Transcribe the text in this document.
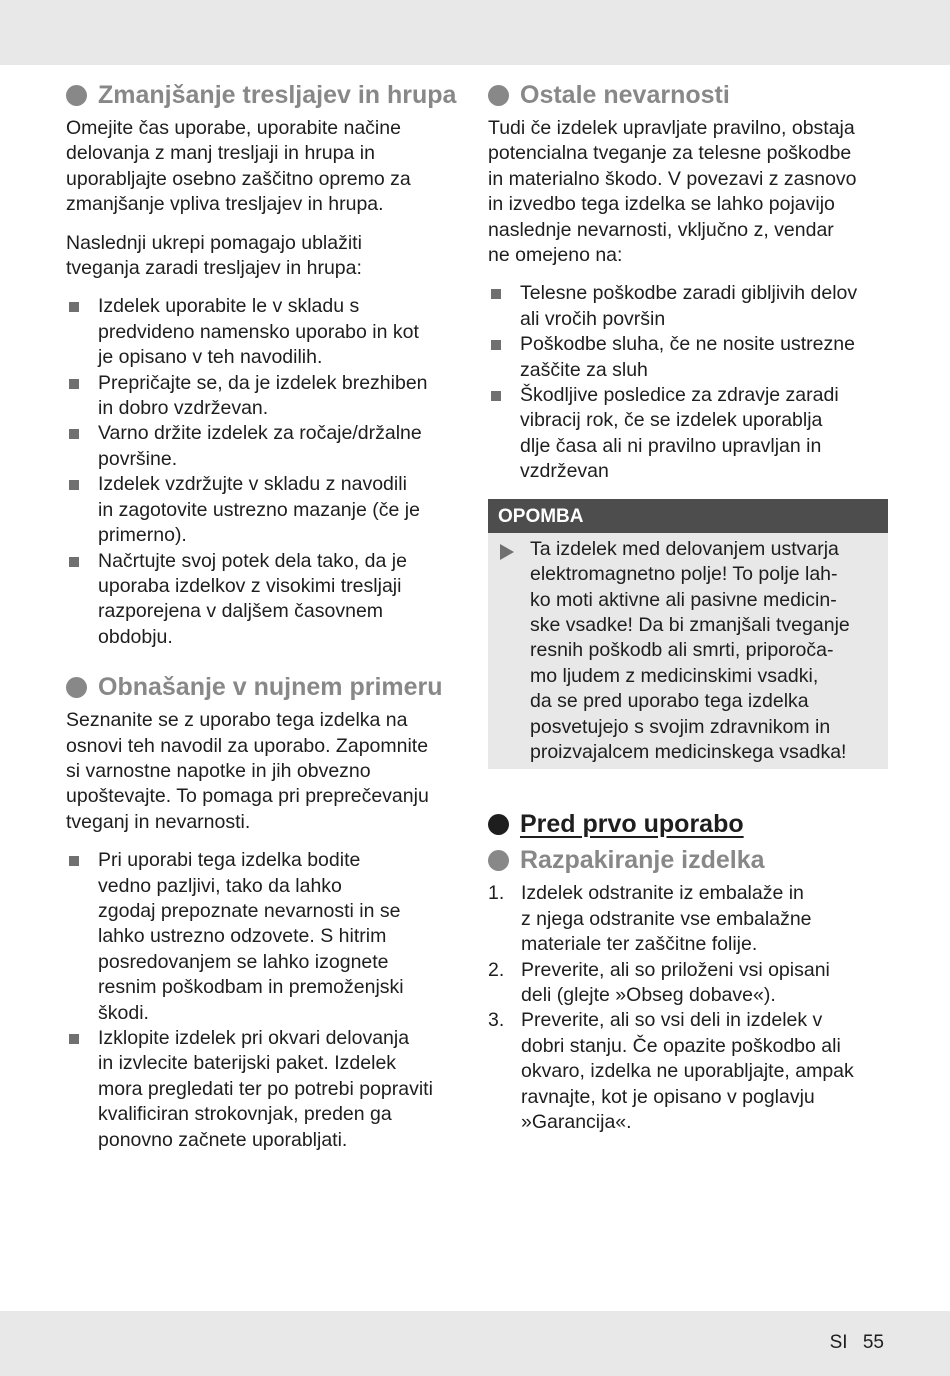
Zmanjšanje tresljajev in hrupa

Omejite čas uporabe, uporabite načine
delovanja z manj tresljaji in hrupa in
uporabljajte osebno zaščitno opremo za
zmanjšanje vpliva tresljajev in hrupa.

Naslednji ukrepi pomagajo ublažiti
tveganja zaradi tresljajev in hrupa:

Izdelek uporabite le v skladu s
predvideno namensko uporabo in kot
je opisano v teh navodilih.
Prepričajte se, da je izdelek brezhiben
in dobro vzdrževan.
Varno držite izdelek za ročaje/držalne
površine.
Izdelek vzdržujte v skladu z navodili
in zagotovite ustrezno mazanje (če je
primerno).
Načrtujte svoj potek dela tako, da je
uporaba izdelkov z visokimi tresljaji
razporejena v daljšem časovnem
obdobju.
Obnašanje v nujnem primeru

Seznanite se z uporabo tega izdelka na
osnovi teh navodil za uporabo. Zapomnite
si varnostne napotke in jih obvezno
upoštevajte. To pomaga pri preprečevanju
tveganj in nevarnosti.

Pri uporabi tega izdelka bodite
vedno pazljivi, tako da lahko
zgodaj prepoznate nevarnosti in se
lahko ustrezno odzovete. S hitrim
posredovanjem se lahko izognete
resnim poškodbam in premoženjski
škodi.
Izklopite izdelek pri okvari delovanja
in izvlecite baterijski paket. Izdelek
mora pregledati ter po potrebi popraviti
kvalificiran strokovnjak, preden ga
ponovno začnete uporabljati.
Ostale nevarnosti

Tudi če izdelek upravljate pravilno, obstaja
potencialna tveganje za telesne poškodbe
in materialno škodo. V povezavi z zasnovo
in izvedbo tega izdelka se lahko pojavijo
naslednje nevarnosti, vključno z, vendar
ne omejeno na:

Telesne poškodbe zaradi gibljivih delov
ali vročih površin
Poškodbe sluha, če ne nosite ustrezne
zaščite za sluh
Škodljive posledice za zdravje zaradi
vibracij rok, če se izdelek uporablja
dlje časa ali ni pravilno upravljan in
vzdrževan
OPOMBA
Ta izdelek med delovanjem ustvarja
elektromagnetno polje! To polje lah-
ko moti aktivne ali pasivne medicin-
ske vsadke! Da bi zmanjšali tveganje
resnih poškodb ali smrti, priporoča-
mo ljudem z medicinskimi vsadki,
da se pred uporabo tega izdelka
posvetujejo s svojim zdravnikom in
proizvajalcem medicinskega vsadka!
Pred prvo uporabo
Razpakiranje izdelka
1. Izdelek odstranite iz embalaže in
z njega odstranite vse embalažne
materiale ter zaščitne folije.
2. Preverite, ali so priloženi vsi opisani
deli (glejte »Obseg dobave«).
3. Preverite, ali so vsi deli in izdelek v
dobri stanju. Če opazite poškodbo ali
okvaro, izdelka ne uporabljajte, ampak
ravnajte, kot je opisano v poglavju
»Garancija«.
SI 55
